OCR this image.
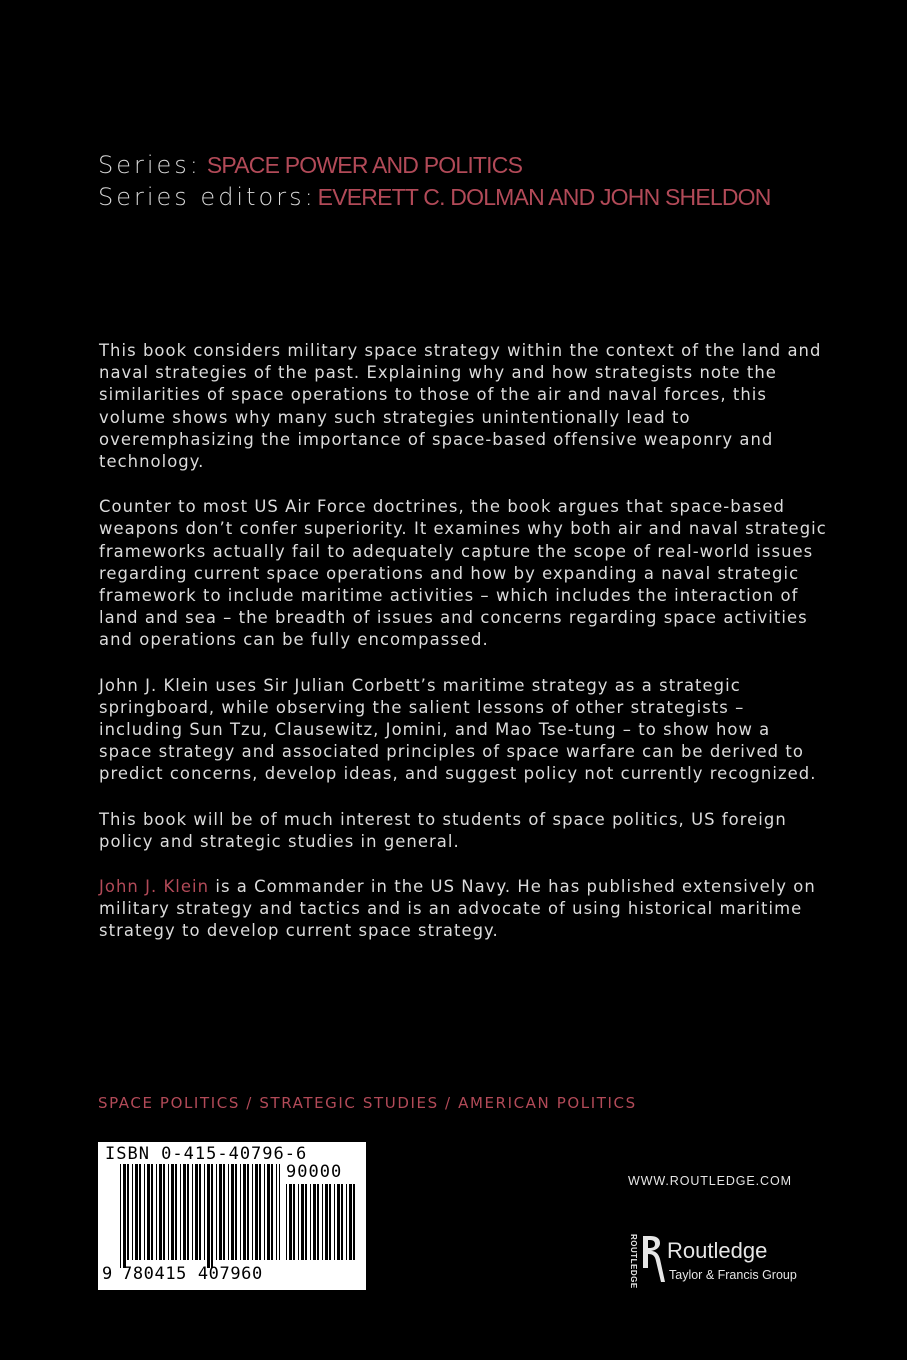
Series: SPACE POWER AND POLITICS
Series editors:EVERETT C. DOLMAN AND JOHN SHELDON

This book considers military space strategy within the context of the land and naval strategies of the past. Explaining why and how strategists note the similarities of space operations to those of the air and naval forces, this volume shows why many such strategies unintentionally lead to overemphasizing the importance of space-based offensive weaponry and technology.

Counter to most US Air Force doctrines, the book argues that space-based weapons don’t confer superiority. It examines why both air and naval strategic frameworks actually fail to adequately capture the scope of real-world issues regarding current space operations and how by expanding a naval strategic framework to include maritime activities – which includes the interaction of land and sea – the breadth of issues and concerns regarding space activities and operations can be fully encompassed.

John J. Klein uses Sir Julian Corbett’s maritime strategy as a strategic springboard, while observing the salient lessons of other strategists – including Sun Tzu, Clausewitz, Jomini, and Mao Tse-tung – to show how a space strategy and associated principles of space warfare can be derived to predict concerns, develop ideas, and suggest policy not currently recognized.

This book will be of much interest to students of space politics, US foreign policy and strategic studies in general.

John J. Klein is a Commander in the US Navy. He has published extensively on military strategy and tactics and is an advocate of using historical maritime strategy to develop current space strategy.

SPACE POLITICS / STRATEGIC STUDIES / AMERICAN POLITICS
ISBN 0-415-40796-6
90000
9 780415 407960
WWW.ROUTLEDGE.COM
ROUTLEDGE Routledge
Taylor & Francis Group
